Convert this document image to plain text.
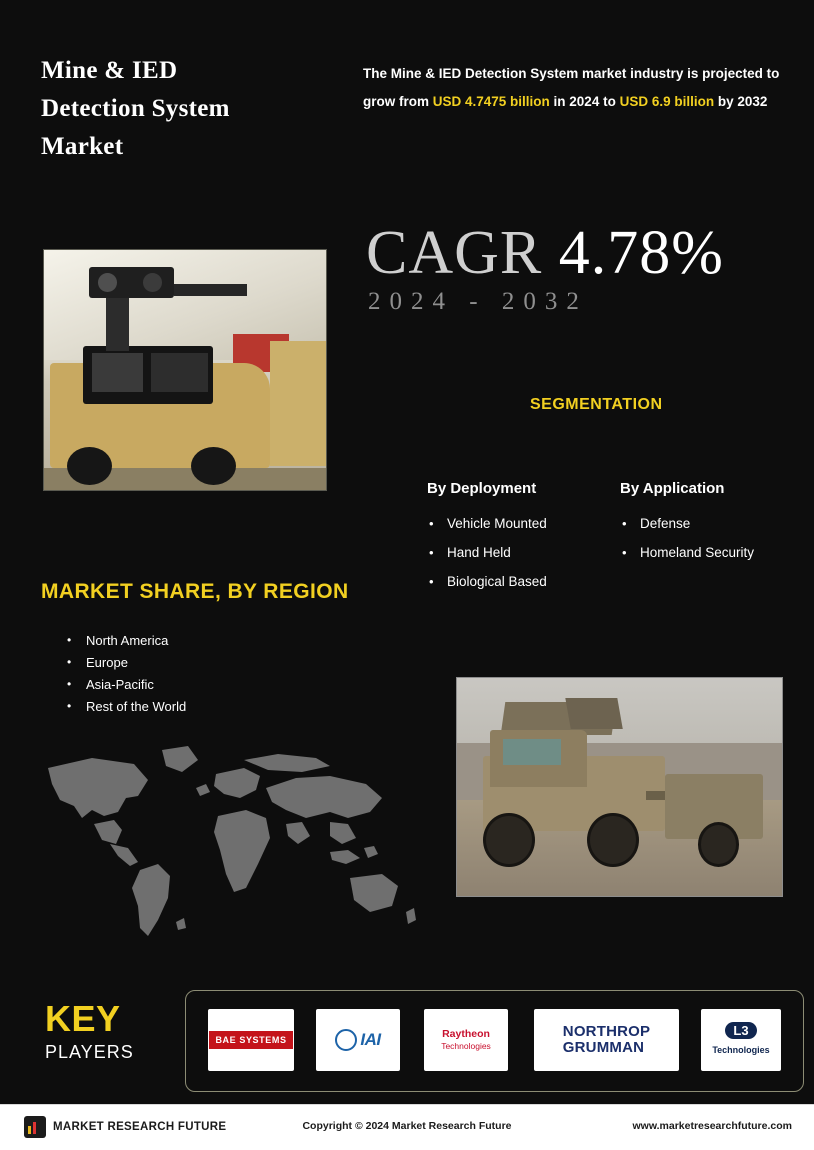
Mine & IED
Detection System
Market
The Mine & IED Detection System market industry is projected to grow from USD 4.7475 billion in 2024 to USD 6.9 billion by 2032
CAGR 4.78%
2024 - 2032
SEGMENTATION
By Deployment
• Vehicle Mounted
• Hand Held
• Biological Based
By Application
• Defense
• Homeland Security
MARKET SHARE, BY REGION
• North America
• Europe
• Asia-Pacific
• Rest of the World
KEY
PLAYERS
BAE SYSTEMS	IAI	Raytheon
Technologies
NORTHROP
GRUMMAN
L3 Technologies
MARKET RESEARCH FUTURE	Copyright © 2024 Market Research Future	www.marketresearchfuture.com
